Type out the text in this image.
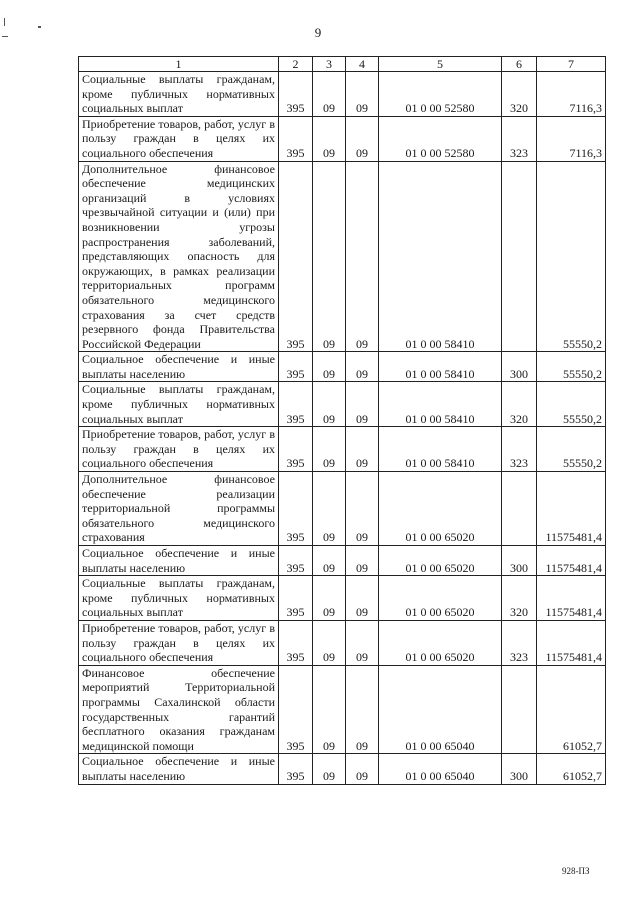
9
1	2	3	4	5	6	7
Социальные выплаты гражданам, кроме публичных нормативных социальных выплат	395	09	09	01 0 00 52580	320	7116,3
Приобретение товаров, работ, услуг в пользу граждан в целях их социального обеспечения	395	09	09	01 0 00 52580	323	7116,3
Дополнительное финансовое обеспечение медицинских организаций в условиях чрезвычайной ситуации и (или) при возникновении угрозы распространения заболеваний, представляющих опасность для окружающих, в рамках реализации территориальных программ обязательного медицинского страхования за счет средств резервного фонда Правительства Российской Федерации	395	09	09	01 0 00 58410		55550,2
Социальное обеспечение и иные выплаты населению	395	09	09	01 0 00 58410	300	55550,2
Социальные выплаты гражданам, кроме публичных нормативных социальных выплат	395	09	09	01 0 00 58410	320	55550,2
Приобретение товаров, работ, услуг в пользу граждан в целях их социального обеспечения	395	09	09	01 0 00 58410	323	55550,2
Дополнительное финансовое обеспечение реализации территориальной программы обязательного медицинского страхования	395	09	09	01 0 00 65020		11575481,4
Социальное обеспечение и иные выплаты населению	395	09	09	01 0 00 65020	300	11575481,4
Социальные выплаты гражданам, кроме публичных нормативных социальных выплат	395	09	09	01 0 00 65020	320	11575481,4
Приобретение товаров, работ, услуг в пользу граждан в целях их социального обеспечения	395	09	09	01 0 00 65020	323	11575481,4
Финансовое обеспечение мероприятий Территориальной программы Сахалинской области государственных гарантий бесплатного оказания гражданам медицинской помощи	395	09	09	01 0 00 65040		61052,7
Социальное обеспечение и иные выплаты населению	395	09	09	01 0 00 65040	300	61052,7
928-ПЗ
